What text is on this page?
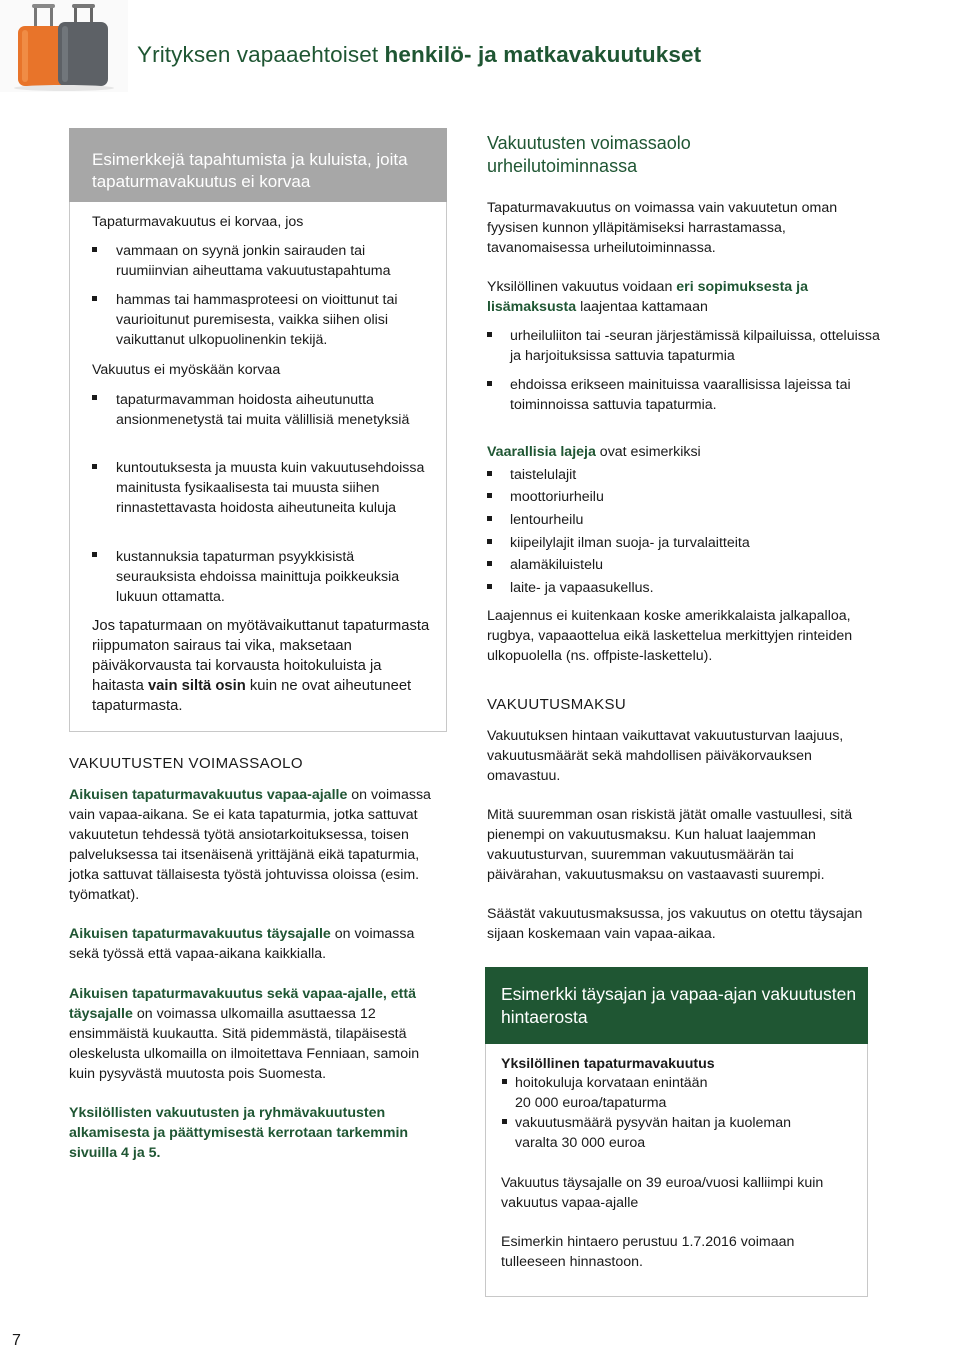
Yrityksen vapaaehtoiset henkilö- ja matkavakuutukset
Esimerkkejä tapahtumista ja kuluista, joita tapaturmavakuutus ei korvaa
Tapaturmavakuutus ei korvaa, jos
vammaan on syynä jonkin sairauden tai ruumiinvian aiheuttama vakuutustapahtuma
hammas tai hammasproteesi on vioittunut tai vaurioitunut puremisesta, vaikka siihen olisi vaikuttanut ulkopuolinenkin tekijä.
Vakuutus ei myöskään korvaa
tapaturmavamman hoidosta aiheutunutta ansionmenetystä tai muita välillisiä menetyksiä
kuntoutuksesta ja muusta kuin vakuutusehdoissa mainitusta fysikaalisesta tai muusta siihen rinnastettavasta hoidosta aiheutuneita kuluja
kustannuksia tapaturman psyykkisistä seurauksista ehdoissa mainittuja poikkeuksia lukuun ottamatta.
Jos tapaturmaan on myötävaikuttanut tapaturmasta riippumaton sairaus tai vika, maksetaan päiväkorvausta tai korvausta hoitokuluista ja haitasta vain siltä osin kuin ne ovat aiheutuneet tapaturmasta.
VAKUUTUSTEN VOIMASSAOLO
Aikuisen tapaturmavakuutus vapaa-ajalle on voimassa vain vapaa-aikana. Se ei kata tapaturmia, jotka sattuvat vakuutetun tehdessä työtä ansiotarkoituksessa, toisen palveluksessa tai itsenäisenä yrittäjänä eikä tapaturmia, jotka sattuvat tällaisesta työstä johtuvissa oloissa (esim. työmatkat).
Aikuisen tapaturmavakuutus täysajalle on voimassa sekä työssä että vapaa-aikana kaikkialla.
Aikuisen tapaturmavakuutus sekä vapaa-ajalle, että täysajalle on voimassa ulkomailla asuttaessa 12 ensimmäistä kuukautta. Sitä pidemmästä, tilapäisestä oleskelusta ulkomailla on ilmoitettava Fenniaan, samoin kuin pysyvästä muutosta pois Suomesta.
Yksilöllisten vakuutusten ja ryhmävakuutusten alkamisesta ja päättymisestä kerrotaan tarkemmin sivuilla 4 ja 5.
Vakuutusten voimassaolo urheilutoiminnassa
Tapaturmavakuutus on voimassa vain vakuutetun oman fyysisen kunnon ylläpitämiseksi harrastamassa, tavanomaisessa urheilutoiminnassa.
Yksilöllinen vakuutus voidaan eri sopimuksesta ja lisämaksusta laajentaa kattamaan
urheiluliiton tai -seuran järjestämissä kilpailuissa, otteluissa ja harjoituksissa sattuvia tapaturmia
ehdoissa erikseen mainituissa vaarallisissa lajeissa tai toiminnoissa sattuvia tapaturmia.
Vaarallisia lajeja ovat esimerkiksi
taistelulajit
moottoriurheilu
lentourheilu
kiipeilylajit ilman suoja- ja turvalaitteita
alamäkiluistelu
laite- ja vapaasukellus.
Laajennus ei kuitenkaan koske amerikkalaista jalkapalloa, rugbya, vapaaottelua eikä laskettelua merkittyjen rinteiden ulkopuolella (ns. offpiste-laskettelu).
VAKUUTUSMAKSU
Vakuutuksen hintaan vaikuttavat vakuutusturvan laajuus, vakuutusmäärät sekä mahdollisen päiväkorvauksen omavastuu.
Mitä suuremman osan riskistä jätät omalle vastuullesi, sitä pienempi on vakuutusmaksu. Kun haluat laajemman vakuutusturvan, suuremman vakuutusmäärän tai päivärahan, vakuutusmaksu on vastaavasti suurempi.
Säästät vakuutusmaksussa, jos vakuutus on otettu täysajan sijaan koskemaan vain vapaa-aikaa.
Esimerkki täysajan ja vapaa-ajan vakuutusten hintaerosta
Yksilöllinen tapaturmavakuutus
hoitokuluja korvataan enintään
20 000 euroa/tapaturma
vakuutusmäärä pysyvän haitan ja kuoleman
varalta 30 000 euroa
Vakuutus täysajalle on 39 euroa/vuosi kalliimpi kuin vakuutus vapaa-ajalle
Esimerkin hintaero perustuu 1.7.2016 voimaan tulleeseen hinnastoon.
7
